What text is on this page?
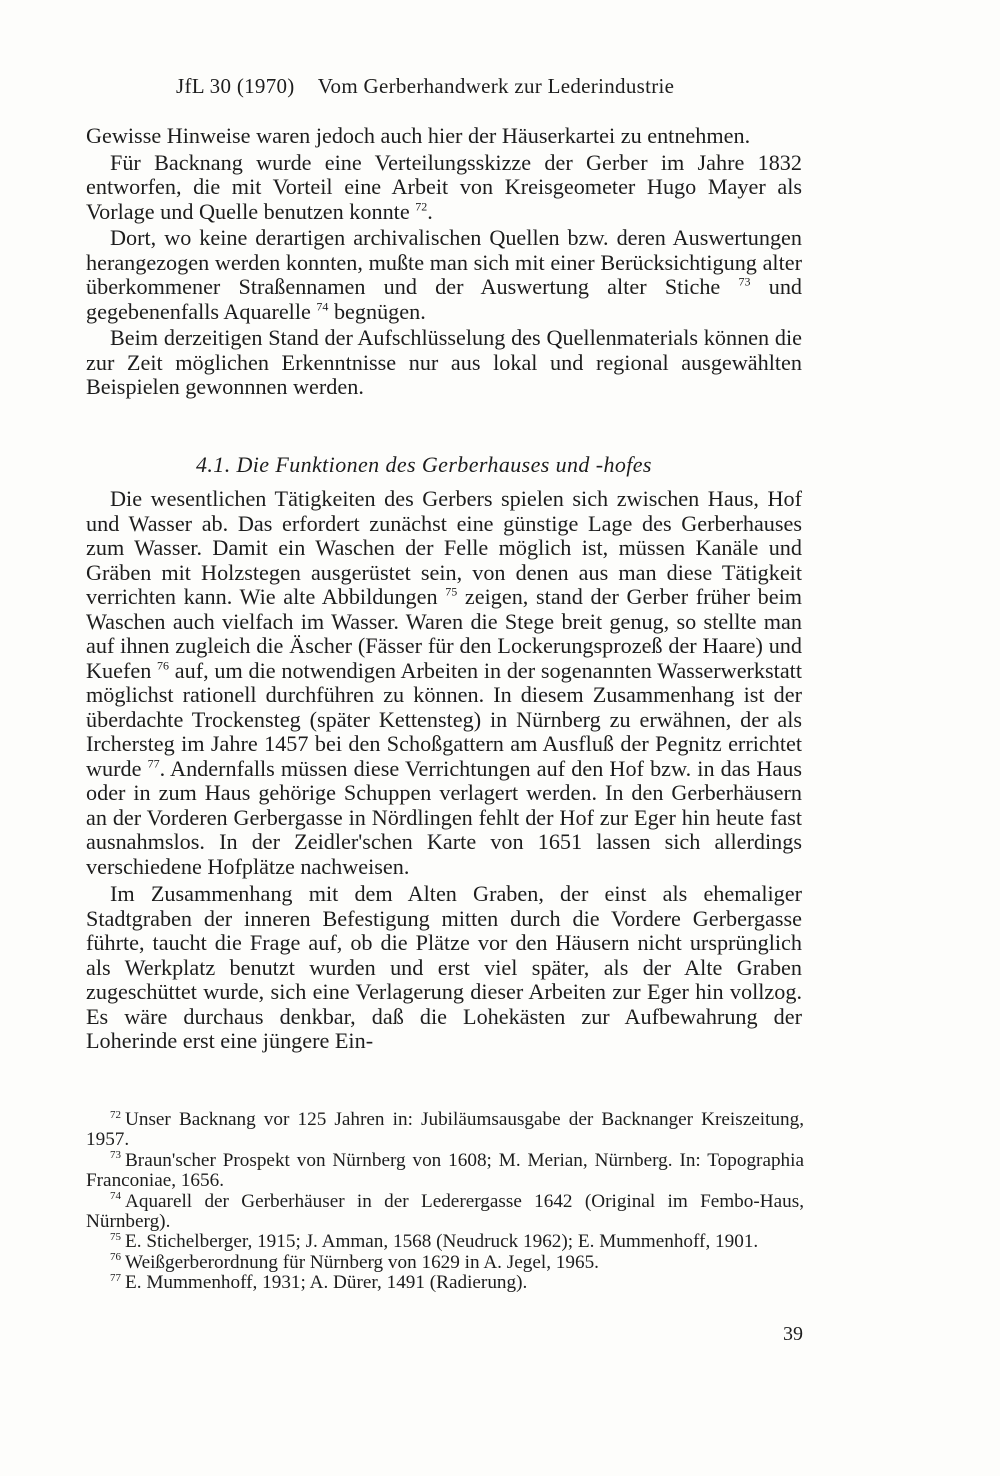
JfL 30 (1970) Vom Gerberhandwerk zur Lederindustrie

Gewisse Hinweise waren jedoch auch hier der Häuserkartei zu entnehmen.

Für Backnang wurde eine Verteilungsskizze der Gerber im Jahre 1832 entworfen, die mit Vorteil eine Arbeit von Kreisgeometer Hugo Mayer als Vorlage und Quelle benutzen konnte $^{72}$.

Dort, wo keine derartigen archivalischen Quellen bzw. deren Auswertungen herangezogen werden konnten, mußte man sich mit einer Berücksichtigung alter überkommener Straßennamen und der Auswertung alter Stiche $^{73}$ und gegebenenfalls Aquarelle $^{74}$ begnügen.

Beim derzeitigen Stand der Aufschlüsselung des Quellenmaterials können die zur Zeit möglichen Erkenntnisse nur aus lokal und regional ausgewählten Beispielen gewonnnen werden.

4.1. Die Funktionen des Gerberhauses und -hofes

Die wesentlichen Tätigkeiten des Gerbers spielen sich zwischen Haus, Hof und Wasser ab. Das erfordert zunächst eine günstige Lage des Gerberhauses zum Wasser. Damit ein Waschen der Felle möglich ist, müssen Kanäle und Gräben mit Holzstegen ausgerüstet sein, von denen aus man diese Tätigkeit verrichten kann. Wie alte Abbildungen $^{75}$ zeigen, stand der Gerber früher beim Waschen auch vielfach im Wasser. Waren die Stege breit genug, so stellte man auf ihnen zugleich die Äscher (Fässer für den Lockerungsprozeß der Haare) und Kuefen $^{76}$ auf, um die notwendigen Arbeiten in der sogenannten Wasserwerkstatt möglichst rationell durchführen zu können. In diesem Zusammenhang ist der überdachte Trockensteg (später Kettensteg) in Nürnberg zu erwähnen, der als Irchersteg im Jahre 1457 bei den Schoßgattern am Ausfluß der Pegnitz errichtet wurde $^{77}$. Andernfalls müssen diese Verrichtungen auf den Hof bzw. in das Haus oder in zum Haus gehörige Schuppen verlagert werden. In den Gerberhäusern an der Vorderen Gerbergasse in Nördlingen fehlt der Hof zur Eger hin heute fast ausnahmslos. In der Zeidler'schen Karte von 1651 lassen sich allerdings verschiedene Hofplätze nachweisen.

Im Zusammenhang mit dem Alten Graben, der einst als ehemaliger Stadtgraben der inneren Befestigung mitten durch die Vordere Gerbergasse führte, taucht die Frage auf, ob die Plätze vor den Häusern nicht ursprünglich als Werkplatz benutzt wurden und erst viel später, als der Alte Graben zugeschüttet wurde, sich eine Verlagerung dieser Arbeiten zur Eger hin vollzog. Es wäre durchaus denkbar, daß die Lohekästen zur Aufbewahrung der Loherinde erst eine jüngere Ein-

$^{72}$ Unser Backnang vor 125 Jahren in: Jubiläumsausgabe der Backnanger Kreiszeitung, 1957.

$^{73}$ Braun'scher Prospekt von Nürnberg von 1608; M. Merian, Nürnberg. In: Topographia Franconiae, 1656.

$^{74}$ Aquarell der Gerberhäuser in der Lederergasse 1642 (Original im Fembo-Haus, Nürnberg).

$^{75}$ E. Stichelberger, 1915; J. Amman, 1568 (Neudruck 1962); E. Mummenhoff, 1901.

$^{76}$ Weißgerberordnung für Nürnberg von 1629 in A. Jegel, 1965.

$^{77}$ E. Mummenhoff, 1931; A. Dürer, 1491 (Radierung).

39
